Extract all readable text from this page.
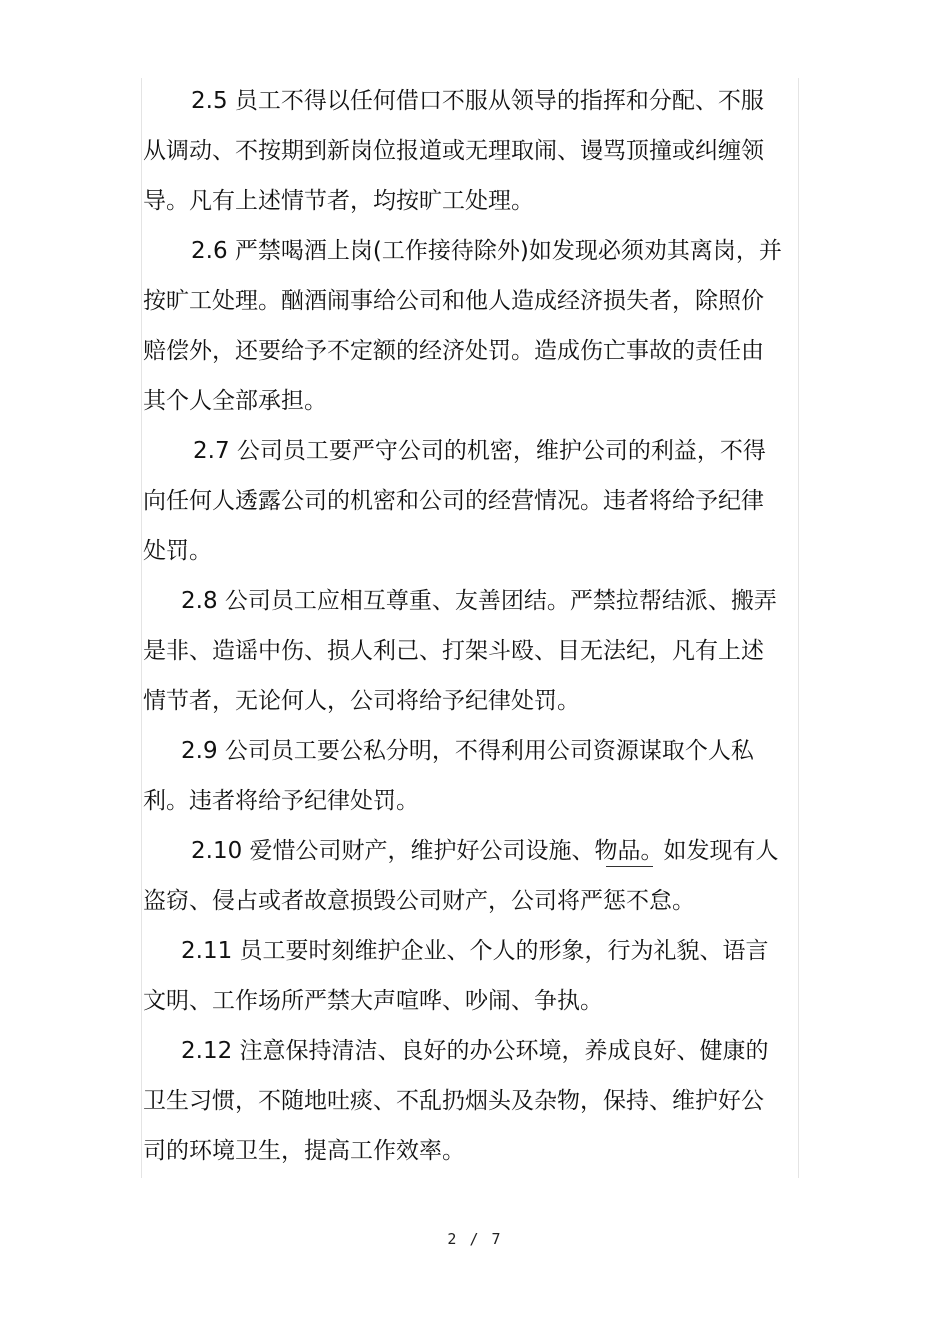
2.5 员工不得以任何借口不服从领导的指挥和分配、不服
从调动、不按期到新岗位报道或无理取闹、谩骂顶撞或纠缠领
导。凡有上述情节者，均按旷工处理。
2.6 严禁喝酒上岗(工作接待除外)如发现必须劝其离岗，并
按旷工处理。酗酒闹事给公司和他人造成经济损失者，除照价
赔偿外，还要给予不定额的经济处罚。造成伤亡事故的责任由
其个人全部承担。
2.7 公司员工要严守公司的机密，维护公司的利益，不得
向任何人透露公司的机密和公司的经营情况。违者将给予纪律
处罚。
2.8 公司员工应相互尊重、友善团结。严禁拉帮结派、搬弄
是非、造谣中伤、损人利己、打架斗殴、目无法纪，凡有上述
情节者，无论何人，公司将给予纪律处罚。
2.9 公司员工要公私分明，不得利用公司资源谋取个人私
利。违者将给予纪律处罚。
2.10 爱惜公司财产，维护好公司设施、物品。如发现有人
盗窃、侵占或者故意损毁公司财产，公司将严惩不怠。
2.11 员工要时刻维护企业、个人的形象，行为礼貌、语言
文明、工作场所严禁大声喧哗、吵闹、争执。
2.12 注意保持清洁、良好的办公环境，养成良好、健康的
卫生习惯，不随地吐痰、不乱扔烟头及杂物，保持、维护好公
司的环境卫生，提高工作效率。
2 / 7
